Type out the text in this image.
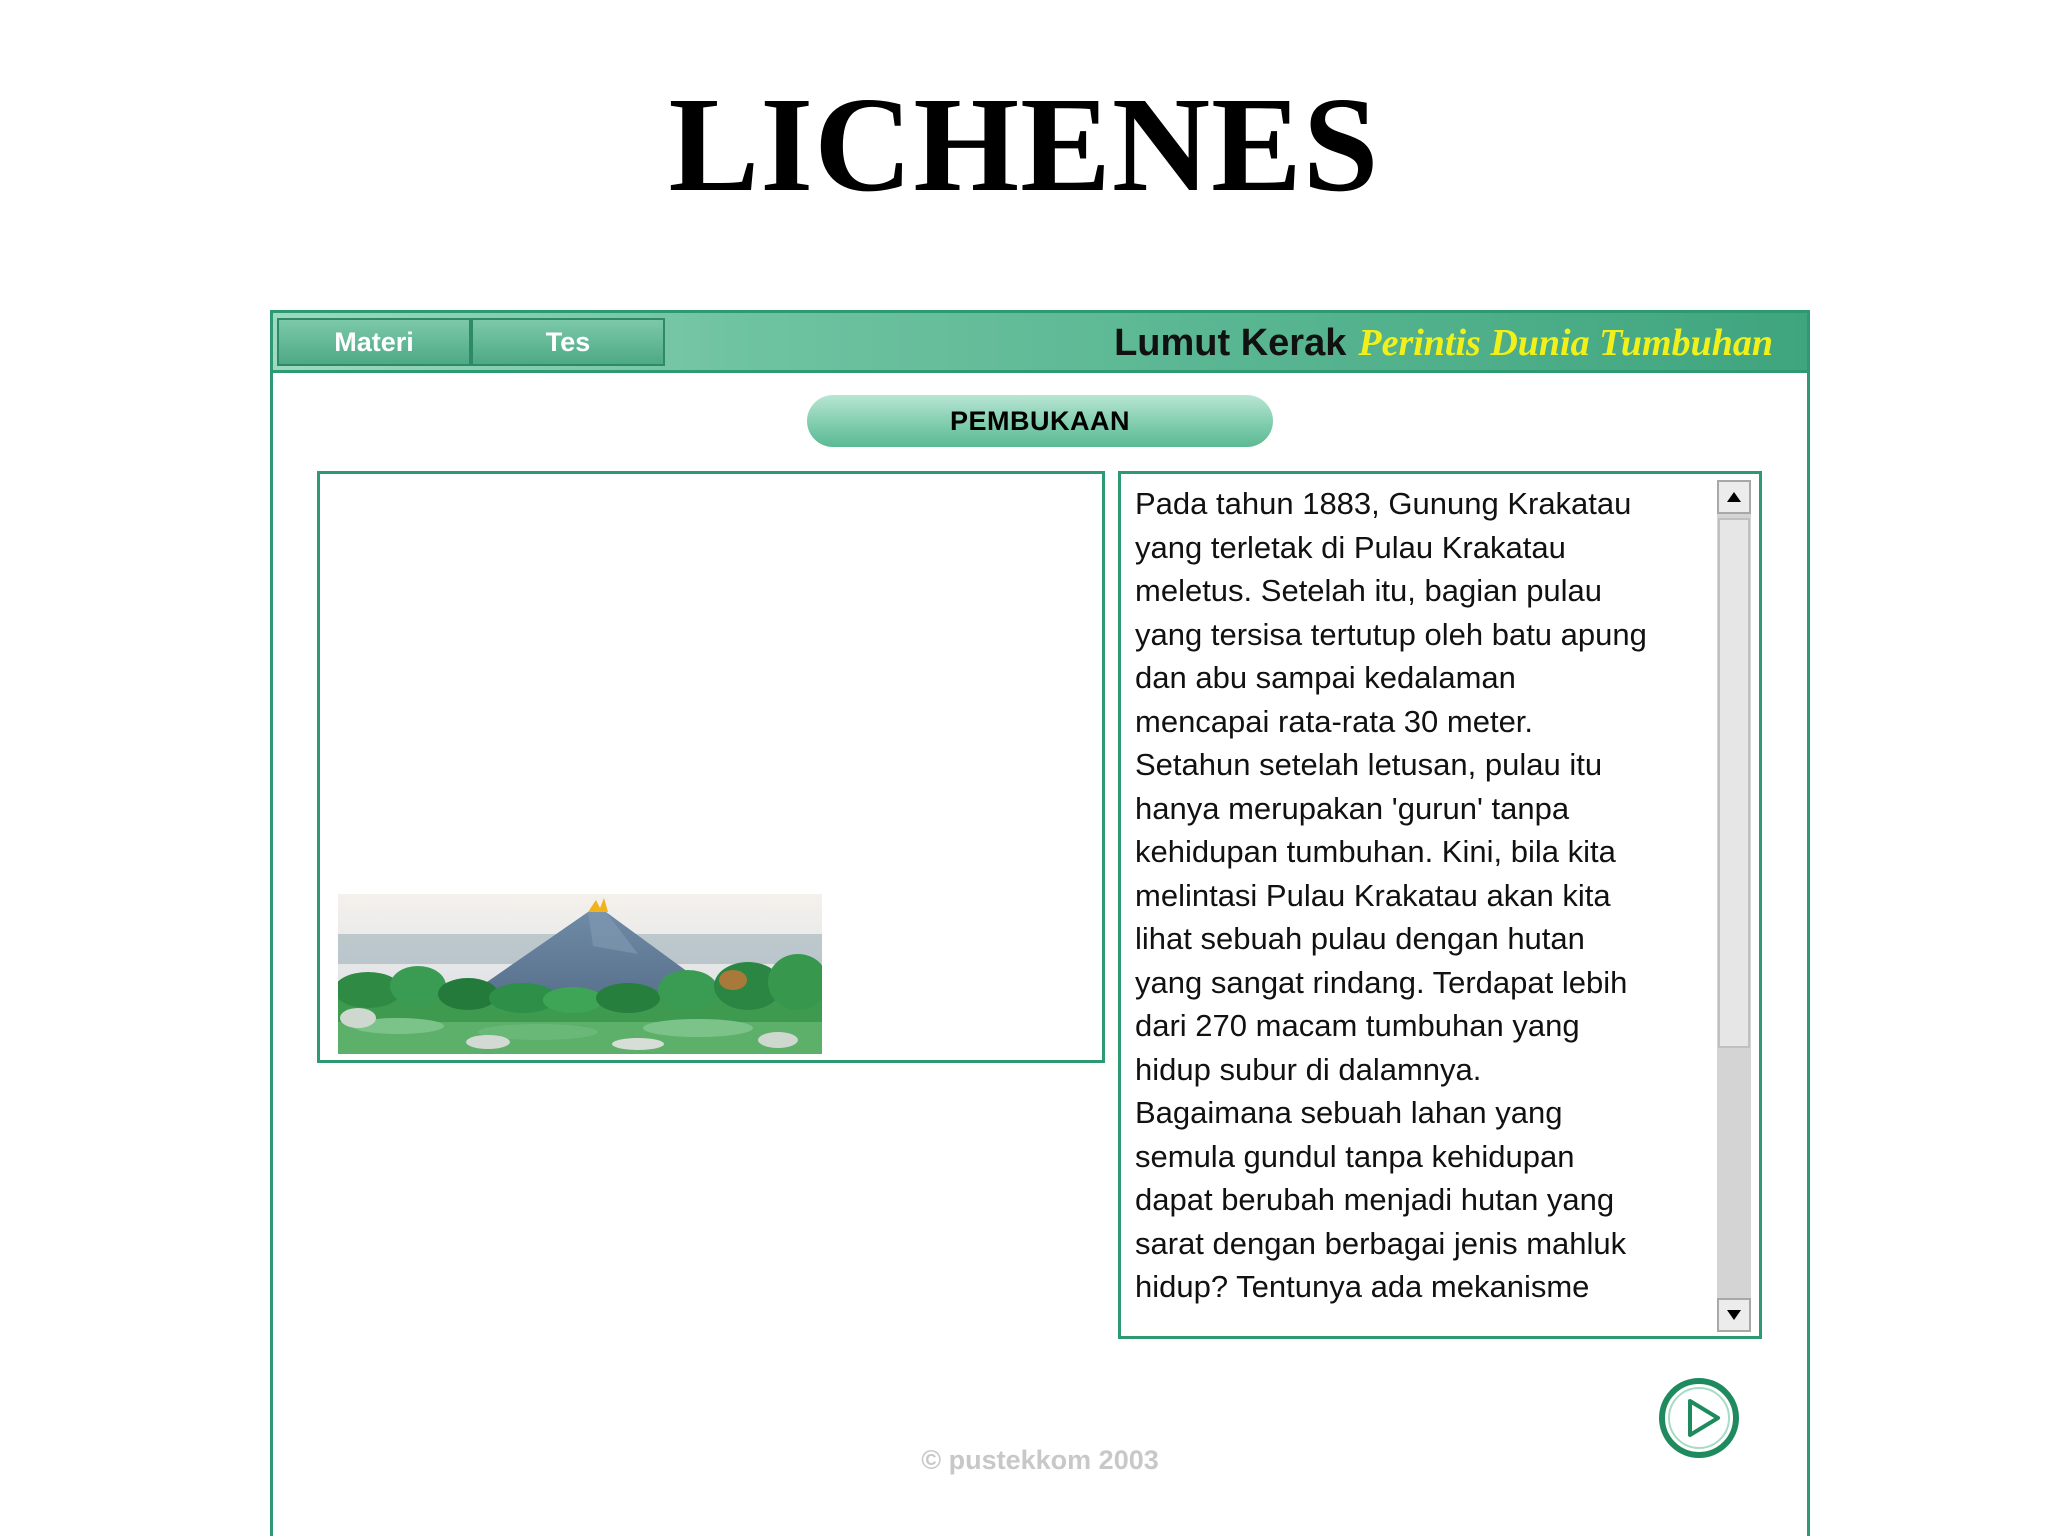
LICHENES
Materi	Tes	Lumut Kerak Perintis Dunia Tumbuhan
PEMBUKAAN
Pada tahun 1883, Gunung Krakatau
yang terletak di Pulau Krakatau
meletus. Setelah itu, bagian pulau
yang tersisa tertutup oleh batu apung
dan abu sampai kedalaman
mencapai rata-rata 30 meter.
Setahun setelah letusan, pulau itu
hanya merupakan 'gurun' tanpa
kehidupan tumbuhan. Kini, bila kita
melintasi Pulau Krakatau akan kita
lihat sebuah pulau dengan hutan
yang sangat rindang. Terdapat lebih
dari 270 macam tumbuhan yang
hidup subur di dalamnya.
Bagaimana sebuah lahan yang
semula gundul tanpa kehidupan
dapat berubah menjadi hutan yang
sarat dengan berbagai jenis mahluk
hidup? Tentunya ada mekanisme
© pustekkom 2003
